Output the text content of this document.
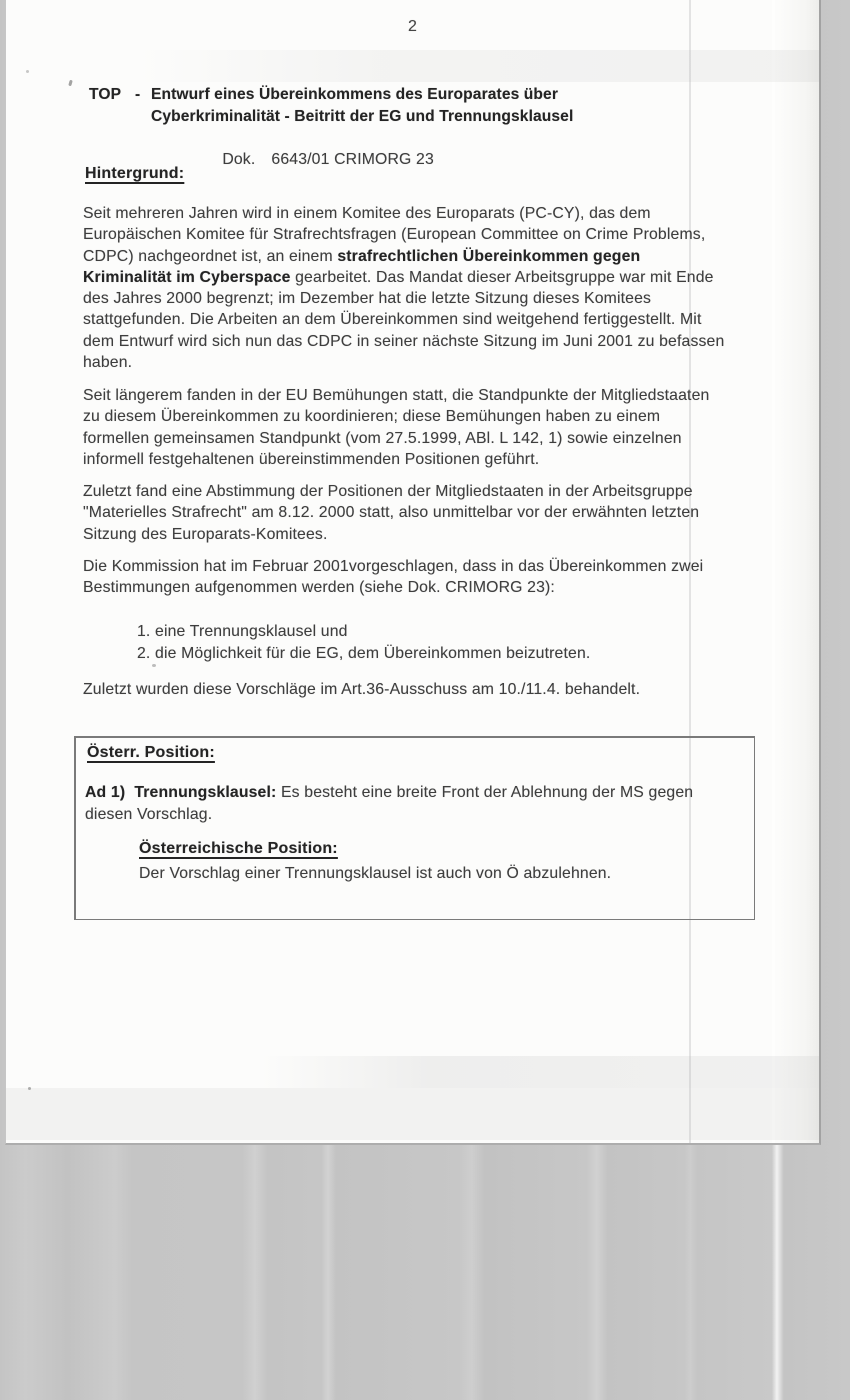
2
TOP - Entwurf eines Übereinkommens des Europarates über
Cyberkriminalität - Beitritt der EG und Trennungsklausel

Dok. 6643/01 CRIMORG 23

Hintergrund:
Seit mehreren Jahren wird in einem Komitee des Europarats (PC-CY), das dem
Europäischen Komitee für Strafrechtsfragen (European Committee on Crime Problems,
CDPC) nachgeordnet ist, an einem strafrechtlichen Übereinkommen gegen
Kriminalität im Cyberspace gearbeitet. Das Mandat dieser Arbeitsgruppe war mit Ende
des Jahres 2000 begrenzt; im Dezember hat die letzte Sitzung dieses Komitees
stattgefunden. Die Arbeiten an dem Übereinkommen sind weitgehend fertiggestellt. Mit
dem Entwurf wird sich nun das CDPC in seiner nächste Sitzung im Juni 2001 zu befassen
haben.
Seit längerem fanden in der EU Bemühungen statt, die Standpunkte der Mitgliedstaaten
zu diesem Übereinkommen zu koordinieren; diese Bemühungen haben zu einem
formellen gemeinsamen Standpunkt (vom 27.5.1999, ABl. L 142, 1) sowie einzelnen
informell festgehaltenen übereinstimmenden Positionen geführt.
Zuletzt fand eine Abstimmung der Positionen der Mitgliedstaaten in der Arbeitsgruppe
"Materielles Strafrecht" am 8.12. 2000 statt, also unmittelbar vor der erwähnten letzten
Sitzung des Europarats-Komitees.
Die Kommission hat im Februar 2001vorgeschlagen, dass in das Übereinkommen zwei
Bestimmungen aufgenommen werden (siehe Dok. CRIMORG 23):
1. eine Trennungsklausel und
2. die Möglichkeit für die EG, dem Übereinkommen beizutreten.
Zuletzt wurden diese Vorschläge im Art.36-Ausschuss am 10./11.4. behandelt.
Österr. Position:
Ad 1)  Trennungsklausel: Es besteht eine breite Front der Ablehnung der MS gegen
diesen Vorschlag.
Österreichische Position:
Der Vorschlag einer Trennungsklausel ist auch von Ö abzulehnen.
